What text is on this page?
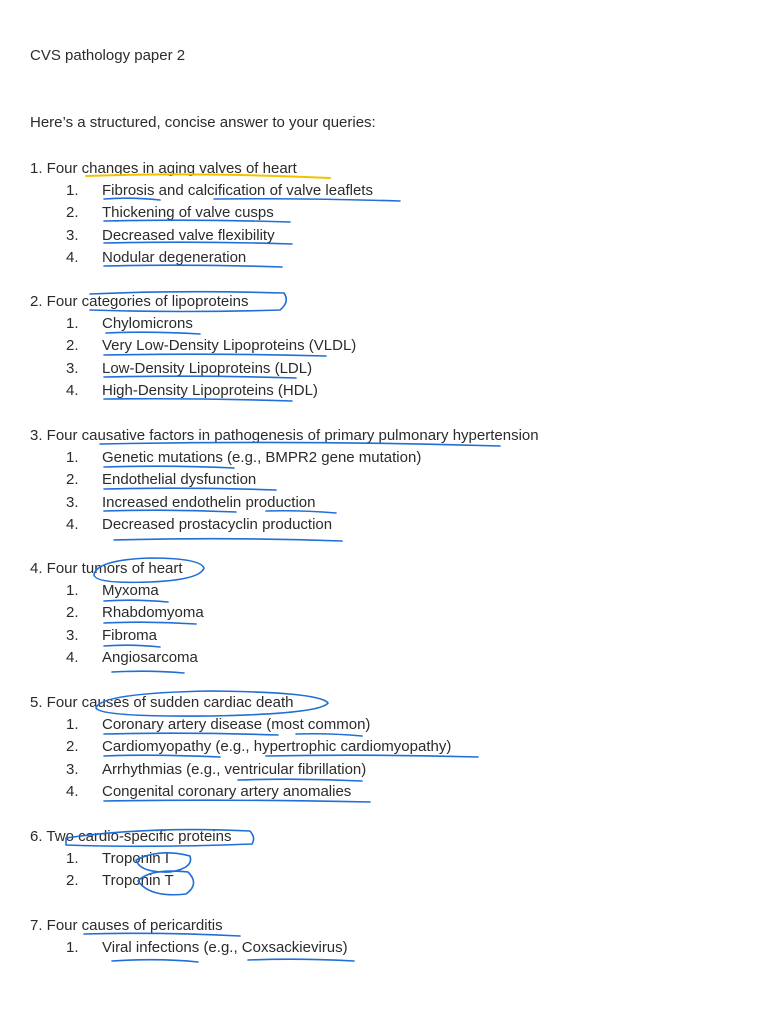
CVS pathology paper 2
Here’s a structured, concise answer to your queries:
1. Four changes in aging valves of heart
1. Fibrosis and calcification of valve leaflets
2. Thickening of valve cusps
3. Decreased valve flexibility
4. Nodular degeneration
2. Four categories of lipoproteins
1. Chylomicrons
2. Very Low-Density Lipoproteins (VLDL)
3. Low-Density Lipoproteins (LDL)
4. High-Density Lipoproteins (HDL)
3. Four causative factors in pathogenesis of primary pulmonary hypertension
1. Genetic mutations (e.g., BMPR2 gene mutation)
2. Endothelial dysfunction
3. Increased endothelin production
4. Decreased prostacyclin production
4. Four tumors of heart
1. Myxoma
2. Rhabdomyoma
3. Fibroma
4. Angiosarcoma
5. Four causes of sudden cardiac death
1. Coronary artery disease (most common)
2. Cardiomyopathy (e.g., hypertrophic cardiomyopathy)
3. Arrhythmias (e.g., ventricular fibrillation)
4. Congenital coronary artery anomalies
6. Two cardio-specific proteins
1. Troponin I
2. Troponin T
7. Four causes of pericarditis
1. Viral infections (e.g., Coxsackievirus)
